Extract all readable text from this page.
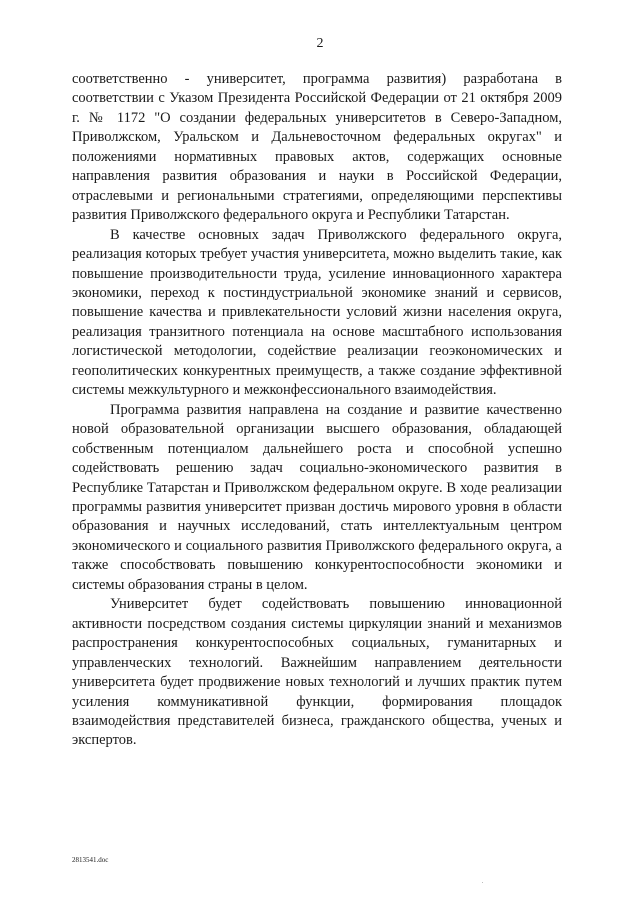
2

соответственно - университет, программа развития) разработана в соответствии с Указом Президента Российской Федерации от 21 октября 2009 г. № 1172 "О создании федеральных университетов в Северо-Западном, Приволжском, Уральском и Дальневосточном федеральных округах" и положениями нормативных правовых актов, содержащих основные направления развития образования и науки в Российской Федерации, отраслевыми и региональными стратегиями, определяющими перспективы развития Приволжского федерального округа и Республики Татарстан.

В качестве основных задач Приволжского федерального округа, реализация которых требует участия университета, можно выделить такие, как повышение производительности труда, усиление инновационного характера экономики, переход к постиндустриальной экономике знаний и сервисов, повышение качества и привлекательности условий жизни населения округа, реализация транзитного потенциала на основе масштабного использования логистической методологии, содействие реализации геоэкономических и геополитических конкурентных преимуществ, а также создание эффективной системы межкультурного и межконфессионального взаимодействия.

Программа развития направлена на создание и развитие качественно новой образовательной организации высшего образования, обладающей собственным потенциалом дальнейшего роста и способной успешно содействовать решению задач социально-экономического развития в Республике Татарстан и Приволжском федеральном округе. В ходе реализации программы развития университет призван достичь мирового уровня в области образования и научных исследований, стать интеллектуальным центром экономического и социального развития Приволжского федерального округа, а также способствовать повышению конкурентоспособности экономики и системы образования страны в целом.

Университет будет содействовать повышению инновационной активности посредством создания системы циркуляции знаний и механизмов распространения конкурентоспособных социальных, гуманитарных и управленческих технологий. Важнейшим направлением деятельности университета будет продвижение новых технологий и лучших практик путем усиления коммуникативной функции, формирования площадок взаимодействия представителей бизнеса, гражданского общества, ученых и экспертов.

2813541.doc
